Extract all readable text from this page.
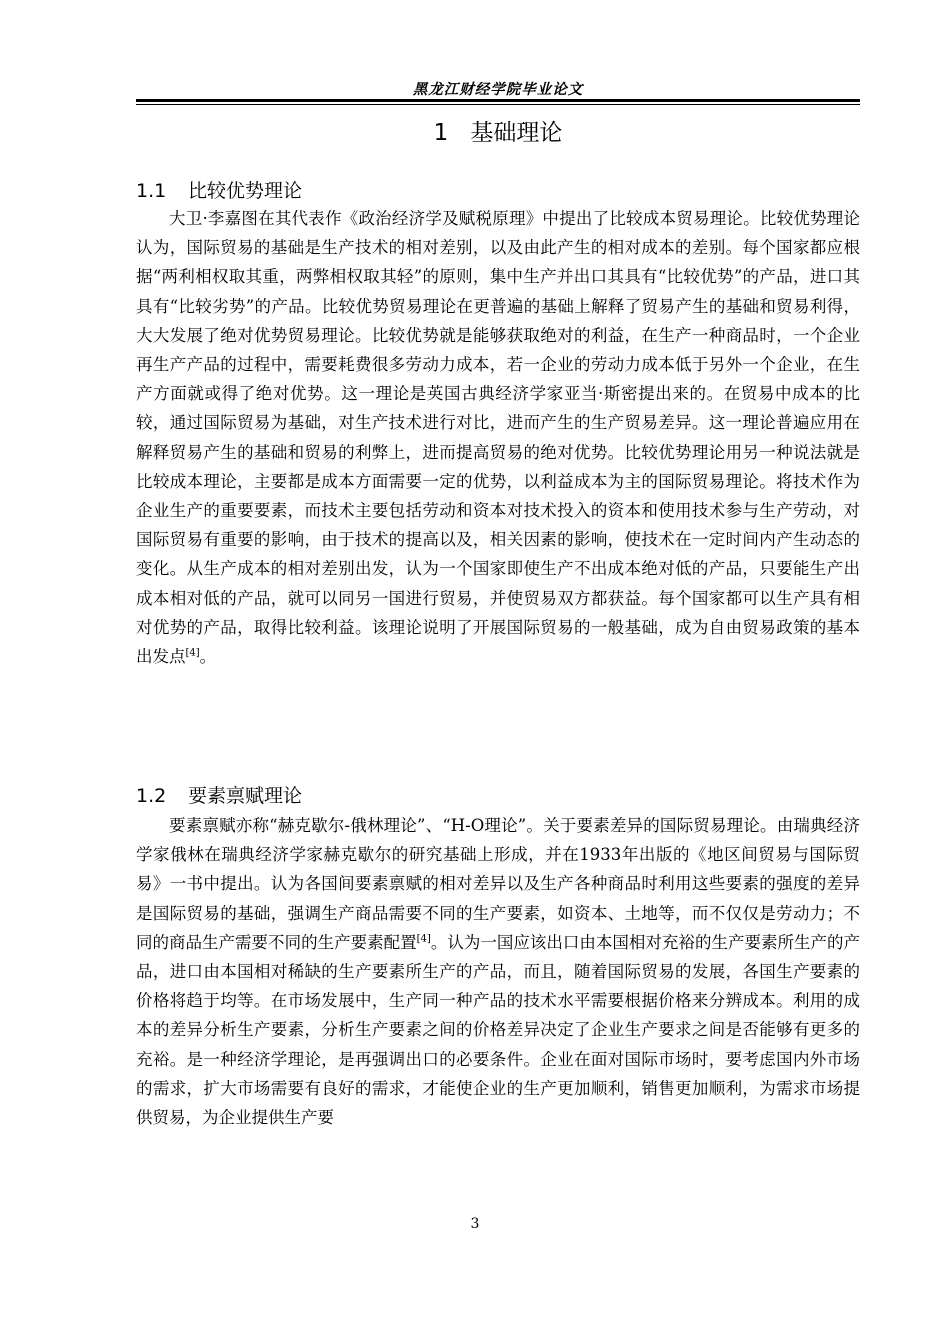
黑龙江财经学院毕业论文
1 基础理论
1.1 比较优势理论

大卫·李嘉图在其代表作《政治经济学及赋税原理》中提出了比较成本贸易理论。比较优势理论认为，国际贸易的基础是生产技术的相对差别，以及由此产生的相对成本的差别。每个国家都应根据“两利相权取其重，两弊相权取其轻”的原则，集中生产并出口其具有“比较优势”的产品，进口其具有“比较劣势”的产品。比较优势贸易理论在更普遍的基础上解释了贸易产生的基础和贸易利得，大大发展了绝对优势贸易理论。比较优势就是能够获取绝对的利益，在生产一种商品时，一个企业再生产产品的过程中，需要耗费很多劳动力成本，若一企业的劳动力成本低于另外一个企业，在生产方面就或得了绝对优势。这一理论是英国古典经济学家亚当·斯密提出来的。在贸易中成本的比较，通过国际贸易为基础，对生产技术进行对比，进而产生的生产贸易差异。这一理论普遍应用在解释贸易产生的基础和贸易的利弊上，进而提高贸易的绝对优势。比较优势理论用另一种说法就是比较成本理论，主要都是成本方面需要一定的优势，以利益成本为主的国际贸易理论。将技术作为企业生产的重要要素，而技术主要包括劳动和资本对技术投入的资本和使用技术参与生产劳动，对国际贸易有重要的影响，由于技术的提高以及，相关因素的影响，使技术在一定时间内产生动态的变化。从生产成本的相对差别出发，认为一个国家即使生产不出成本绝对低的产品，只要能生产出成本相对低的产品，就可以同另一国进行贸易，并使贸易双方都获益。每个国家都可以生产具有相对优势的产品，取得比较利益。该理论说明了开展国际贸易的一般基础，成为自由贸易政策的基本出发点[4]。

1.2 要素禀赋理论

要素禀赋亦称“赫克歇尔-俄林理论”、“H-O理论”。关于要素差异的国际贸易理论。由瑞典经济学家俄林在瑞典经济学家赫克歇尔的研究基础上形成，并在1933年出版的《地区间贸易与国际贸易》一书中提出。认为各国间要素禀赋的相对差异以及生产各种商品时利用这些要素的强度的差异是国际贸易的基础，强调生产商品需要不同的生产要素，如资本、土地等，而不仅仅是劳动力；不同的商品生产需要不同的生产要素配置[4]。认为一国应该出口由本国相对充裕的生产要素所生产的产品，进口由本国相对稀缺的生产要素所生产的产品，而且，随着国际贸易的发展，各国生产要素的价格将趋于均等。在市场发展中，生产同一种产品的技术水平需要根据价格来分辨成本。利用的成本的差异分析生产要素，分析生产要素之间的价格差异决定了企业生产要求之间是否能够有更多的充裕。是一种经济学理论，是再强调出口的必要条件。企业在面对国际市场时，要考虑国内外市场的需求，扩大市场需要有良好的需求，才能使企业的生产更加顺利，销售更加顺利，为需求市场提供贸易，为企业提供生产要

3
